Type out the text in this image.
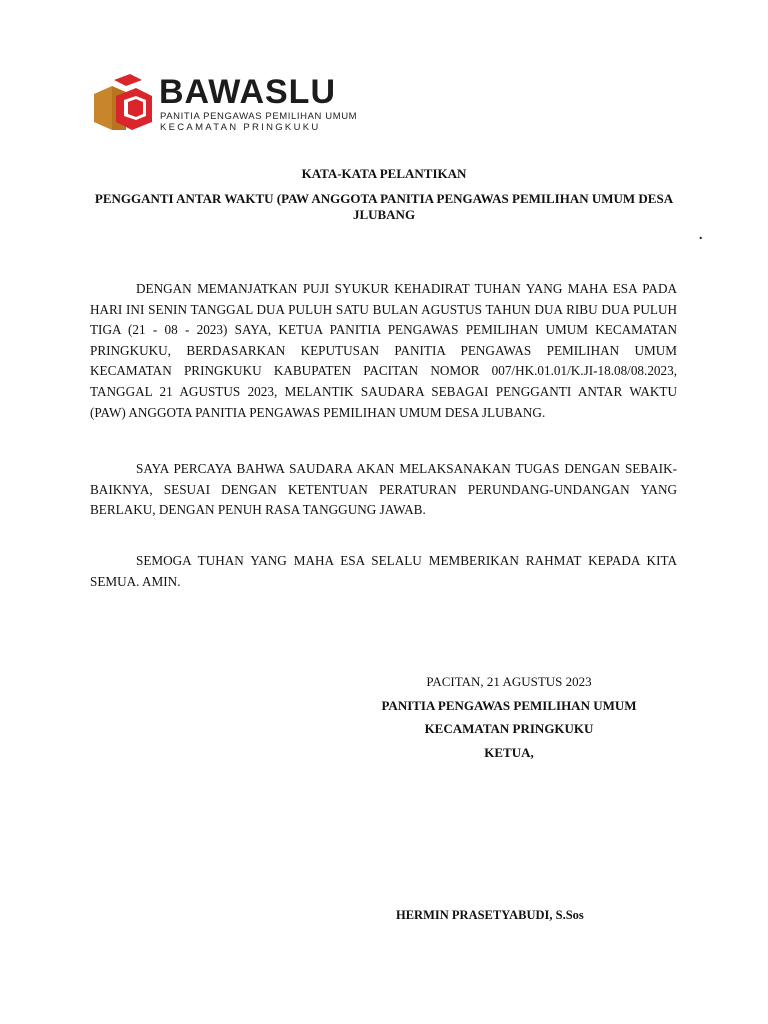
BAWASLU
PANITIA PENGAWAS PEMILIHAN UMUM
KECAMATAN PRINGKUKU
KATA-KATA PELANTIKAN
PENGGANTI ANTAR WAKTU (PAW ANGGOTA PANITIA PENGAWAS PEMILIHAN UMUM DESA JLUBANG
.

DENGAN MEMANJATKAN PUJI SYUKUR KEHADIRAT TUHAN YANG MAHA ESA PADA HARI INI SENIN TANGGAL DUA PULUH SATU BULAN AGUSTUS TAHUN DUA RIBU DUA PULUH TIGA (21 - 08 - 2023) SAYA, KETUA PANITIA PENGAWAS PEMILIHAN UMUM KECAMATAN PRINGKUKU, BERDASARKAN KEPUTUSAN PANITIA PENGAWAS PEMILIHAN UMUM KECAMATAN PRINGKUKU KABUPATEN PACITAN NOMOR 007/HK.01.01/K.JI-18.08/08.2023, TANGGAL 21 AGUSTUS 2023, MELANTIK SAUDARA SEBAGAI PENGGANTI ANTAR WAKTU (PAW) ANGGOTA PANITIA PENGAWAS PEMILIHAN UMUM DESA JLUBANG.

SAYA PERCAYA BAHWA SAUDARA AKAN MELAKSANAKAN TUGAS DENGAN SEBAIK-BAIKNYA, SESUAI DENGAN KETENTUAN PERATURAN PERUNDANG-UNDANGAN YANG BERLAKU, DENGAN PENUH RASA TANGGUNG JAWAB.

SEMOGA TUHAN YANG MAHA ESA SELALU MEMBERIKAN RAHMAT KEPADA KITA SEMUA. AMIN.

PACITAN, 21 AGUSTUS 2023
PANITIA PENGAWAS PEMILIHAN UMUM
KECAMATAN PRINGKUKU
KETUA,
HERMIN PRASETYABUDI, S.Sos
